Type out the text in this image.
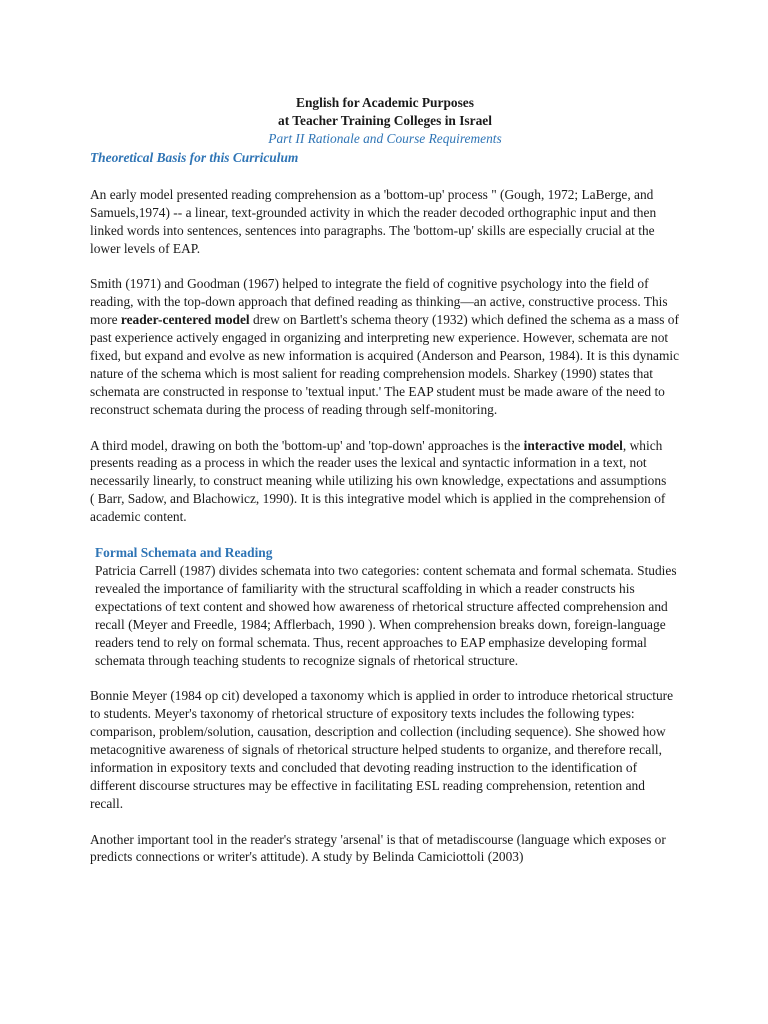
English for Academic Purposes

at Teacher Training Colleges in Israel

Part II Rationale and Course Requirements

Theoretical Basis for this Curriculum

An early model presented reading comprehension as a 'bottom-up' process " (Gough, 1972; LaBerge, and Samuels,1974) -- a linear, text-grounded activity in which the reader decoded orthographic input and then linked words into sentences, sentences into paragraphs. The 'bottom-up' skills are especially crucial at the lower levels of EAP.

Smith (1971) and Goodman (1967) helped to integrate the field of cognitive psychology into the field of reading, with the top-down approach that defined reading as thinking—an active, constructive process. This more reader-centered model drew on Bartlett's schema theory (1932) which defined the schema as a mass of past experience actively engaged in organizing and interpreting new experience. However, schemata are not fixed, but expand and evolve as new information is acquired (Anderson and Pearson, 1984). It is this dynamic nature of the schema which is most salient for reading comprehension models. Sharkey (1990) states that schemata are constructed in response to 'textual input.' The EAP student must be made aware of the need to reconstruct schemata during the process of reading through self-monitoring.

A third model, drawing on both the 'bottom-up' and 'top-down' approaches is the interactive model, which presents reading as a process in which the reader uses the lexical and syntactic information in a text, not necessarily linearly, to construct meaning while utilizing his own knowledge, expectations and assumptions

( Barr, Sadow, and Blachowicz, 1990). It is this integrative model which is applied in the comprehension of academic content.

Formal Schemata and Reading

Patricia Carrell (1987) divides schemata into two categories: content schemata and formal schemata. Studies revealed the importance of familiarity with the structural scaffolding in which a reader constructs his expectations of text content and showed how awareness of rhetorical structure affected comprehension and recall (Meyer and Freedle, 1984; Afflerbach, 1990 ). When comprehension breaks down, foreign-language readers tend to rely on formal schemata. Thus, recent approaches to EAP emphasize developing formal schemata through teaching students to recognize signals of rhetorical structure.

Bonnie Meyer (1984 op cit) developed a taxonomy which is applied in order to introduce rhetorical structure to students. Meyer's taxonomy of rhetorical structure of expository texts includes the following types: comparison, problem/solution, causation, description and collection (including sequence). She showed how metacognitive awareness of signals of rhetorical structure helped students to organize, and therefore recall, information in expository texts and concluded that devoting reading instruction to the identification of different discourse structures may be effective in facilitating ESL reading comprehension, retention and recall.

Another important tool in the reader's strategy 'arsenal' is that of metadiscourse (language which exposes or predicts connections or writer's attitude). A study by Belinda Camiciottoli (2003)
